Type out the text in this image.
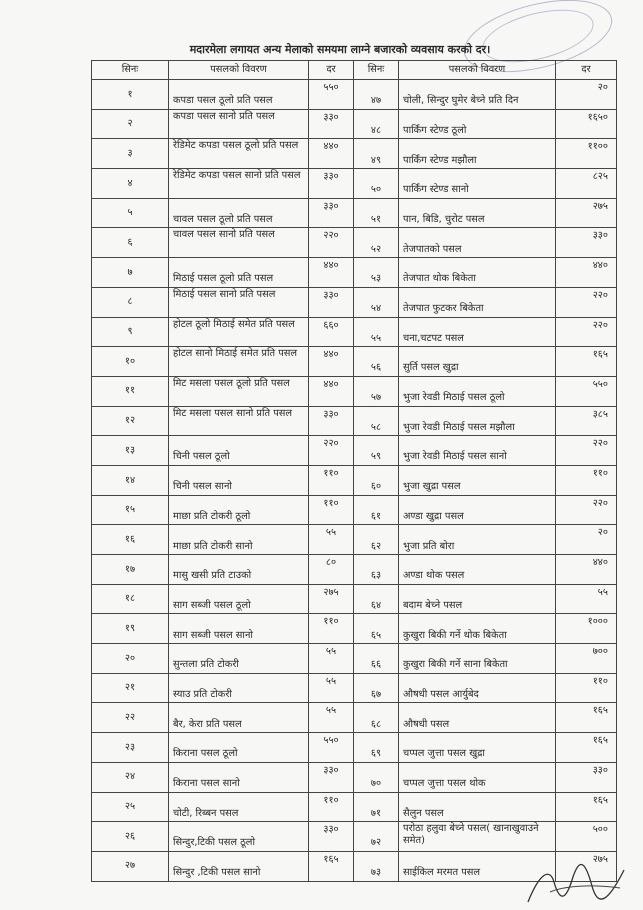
मदारमेला लगायत अन्य मेलाको समयमा लाग्ने बजारको व्यवसाय करको दर।
सिनः	पसलको विवरण	दर	सिनः	पसलको विवरण	दर
१	कपडा पसल ठूलो प्रति पसल	५५०	४७	चोली, सिन्दुर घुमेर बेच्ने प्रति दिन	२०
२	कपडा पसल सानो प्रति पसल	३३०	४८	पार्किंग स्टेण्ड ठूलो	१६५०
३	रेडिमेट कपडा पसल ठूलो प्रति पसल	४४०	४९	पार्किंग स्टेण्ड मझौला	११००
४	रेडिमेट कपडा पसल सानो प्रति पसल	३३०	५०	पार्किंग स्टेण्ड सानो	८२५
५	चावल पसल ठूलो प्रति पसल	३३०	५१	पान, बिडि, चुरोट पसल	२७५
६	चावल पसल सानो प्रति पसल	२२०	५२	तेजपातको पसल	३३०
७	मिठाई पसल ठूलो प्रति पसल	४४०	५३	तेजपात थोक बिकेता	४४०
८	मिठाई पसल सानो प्रति पसल	३३०	५४	तेजपात फुटकर बिकेता	२२०
९	होटल ठूलो मिठाई समेत प्रति पसल	६६०	५५	चना,चटपट पसल	२२०
१०	होटल सानो मिठाई समेत प्रति पसल	४४०	५६	सुर्ति पसल खुद्रा	१६५
११	मिट मसला पसल ठूलो प्रति पसल	४४०	५७	भुजा रेवडी मिठाई पसल ठूलो	५५०
१२	मिट मसला पसल सानो प्रति पसल	३३०	५८	भुजा रेवडी मिठाई पसल मझौला	३८५
१३	चिनी पसल ठूलो	२२०	५९	भुजा रेवडी मिठाई पसल सानो	२२०
१४	चिनी पसल सानो	११०	६०	भुजा खुद्रा पसल	११०
१५	माछा प्रति टोकरी ठूलो	११०	६१	अण्डा खुद्रा पसल	२२०
१६	माछा प्रति टोकरी सानो	५५	६२	भुजा प्रति बोरा	२०
१७	मासु खसी प्रति टाउको	८०	६३	अण्डा थोक पसल	४४०
१८	साग सब्जी पसल ठूलो	२७५	६४	बदाम बेच्ने पसल	५५
१९	साग सब्जी पसल सानो	११०	६५	कुखुरा बिकी गर्ने थोक बिकेता	१०००
२०	सुन्तला प्रति टोकरी	५५	६६	कुखुरा बिकी गर्ने साना बिकेता	७००
२१	स्याउ प्रति टोकरी	५५	६७	औषधी पसल आर्युबेद	११०
२२	बैर, केरा प्रति पसल	५५	६८	औषधी पसल	१६५
२३	किराना पसल ठूलो	५५०	६९	चप्पल जुत्ता पसल खुद्रा	१६५
२४	किराना पसल सानो	३३०	७०	चप्पल जुत्ता पसल थोक	३३०
२५	चोटी, रिब्बन पसल	११०	७१	सैलुन पसल	१६५
२६	सिन्दुर,टिकी पसल ठूलो	३३०	७२	परोठा हलुवा बेच्ने पसल( खानाखुवाउने समेत)	५००
२७	सिन्दुर ,टिकी पसल सानो	१६५	७३	साईकिल मरमत पसल	२७५
